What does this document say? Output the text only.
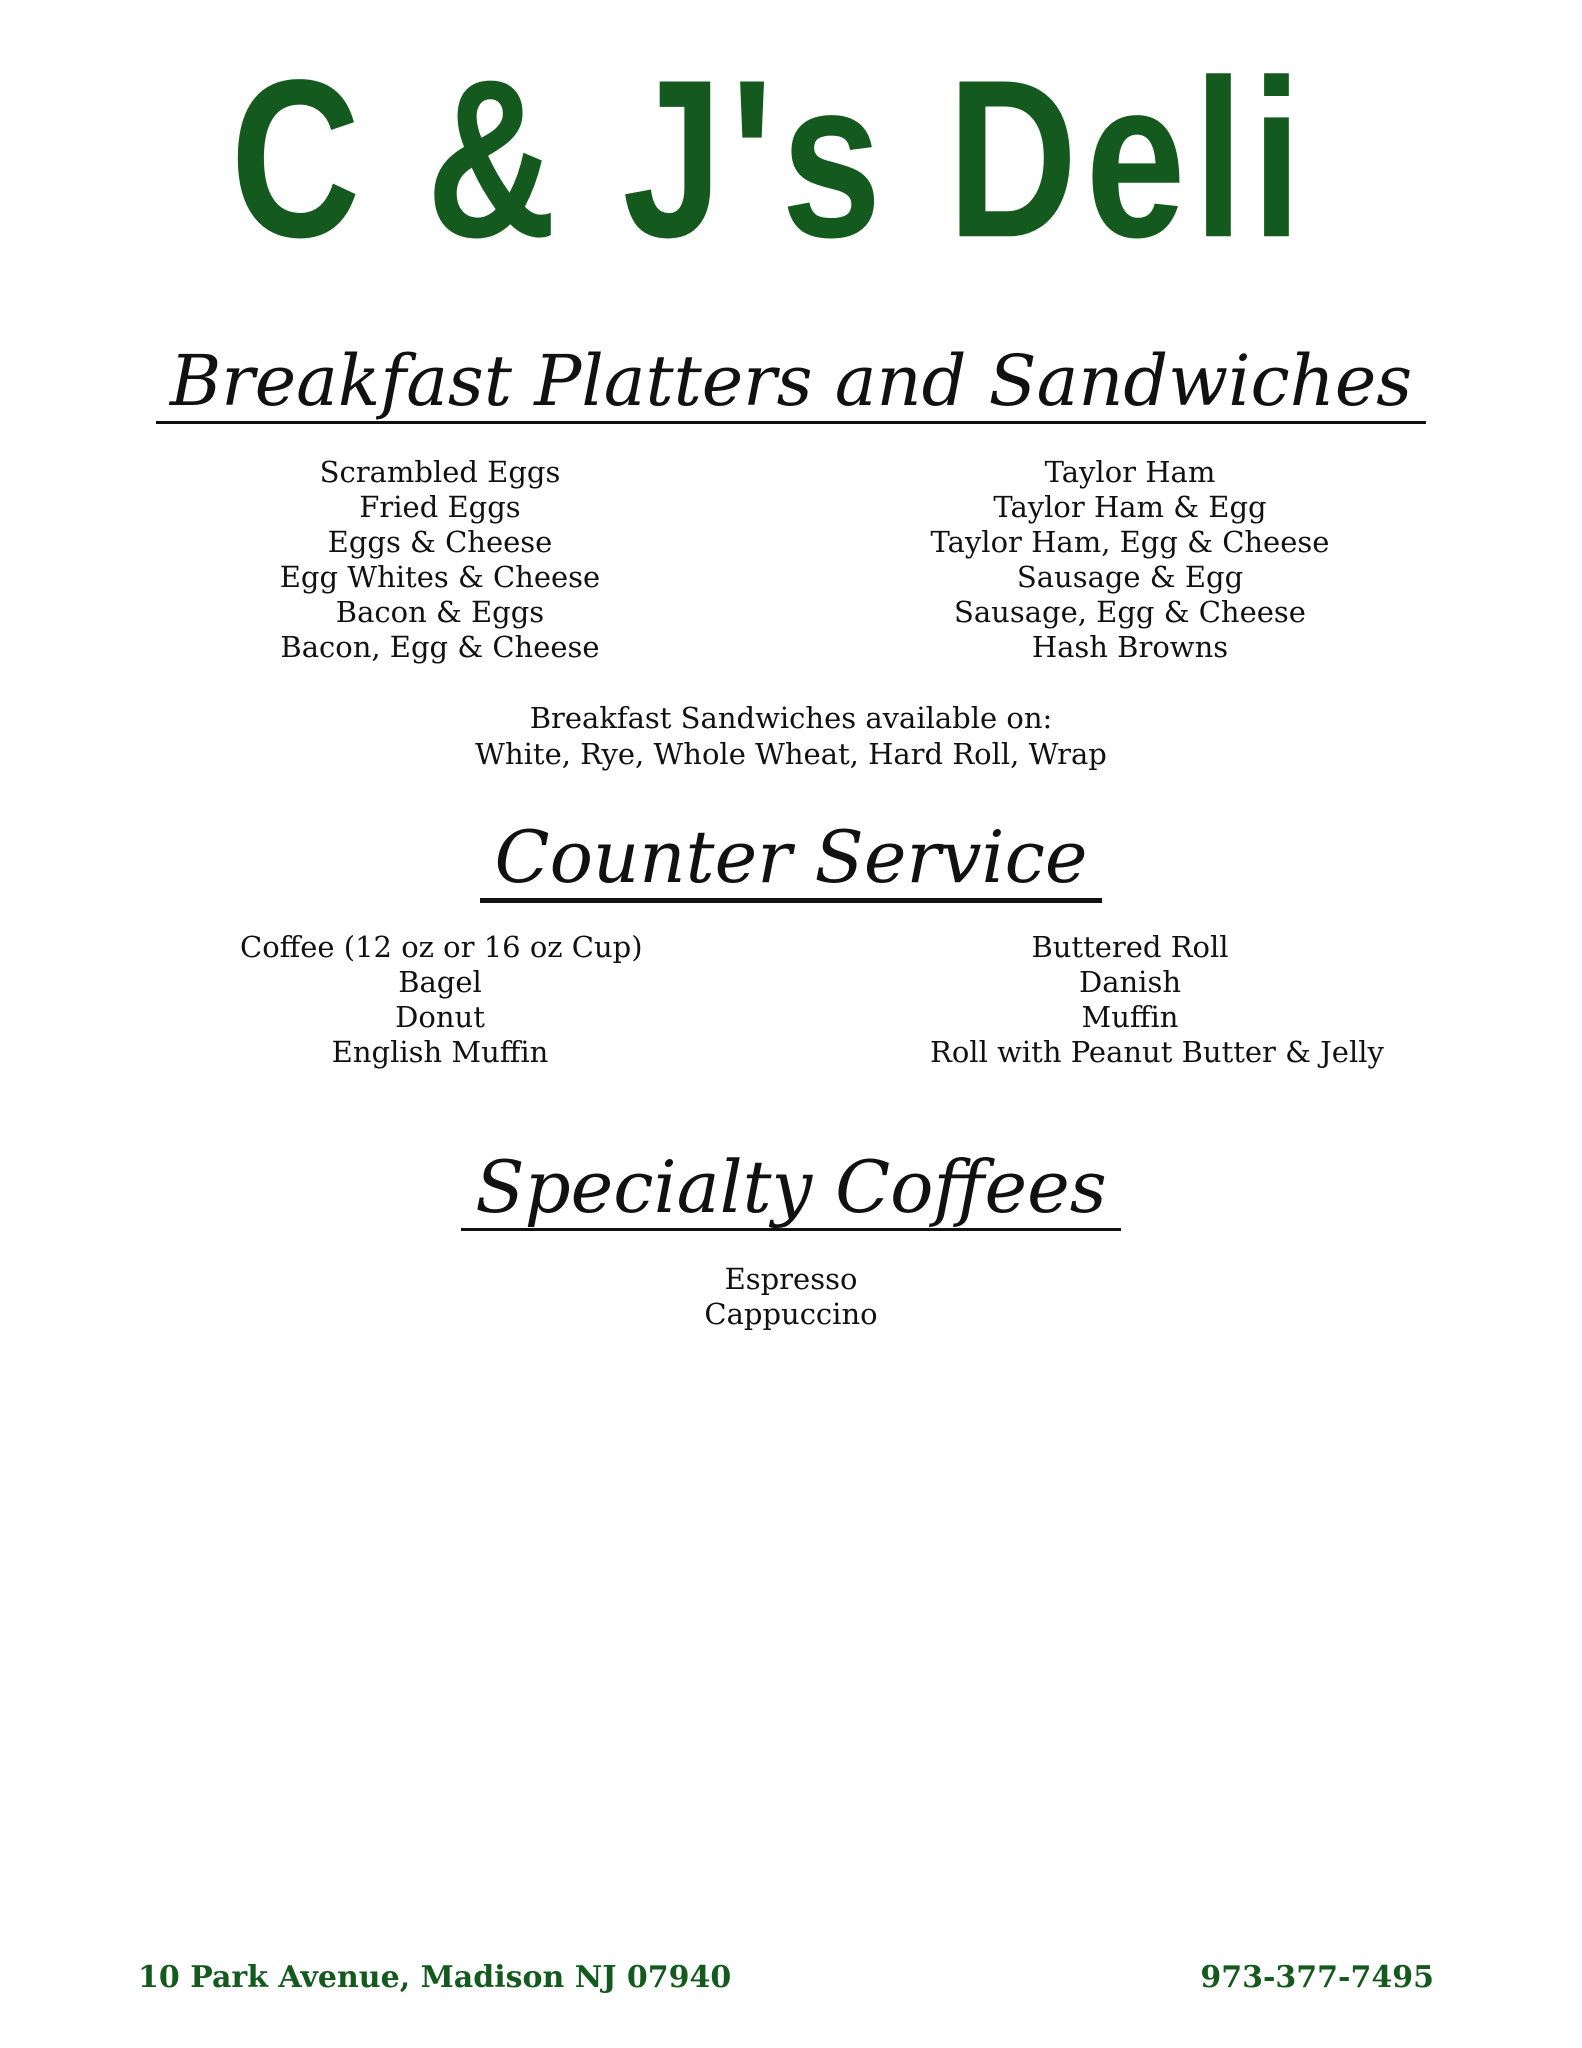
C & J's Deli
Breakfast Platters and Sandwiches
Scrambled Eggs
Fried Eggs
Eggs & Cheese
Egg Whites & Cheese
Bacon & Eggs
Bacon, Egg & Cheese
Taylor Ham
Taylor Ham & Egg
Taylor Ham, Egg & Cheese
Sausage & Egg
Sausage, Egg & Cheese
Hash Browns
Breakfast Sandwiches available on:
White, Rye, Whole Wheat, Hard Roll, Wrap
Counter Service
Coffee (12 oz or 16 oz Cup)
Bagel
Donut
English Muffin
Buttered Roll
Danish
Muffin
Roll with Peanut Butter & Jelly
Specialty Coffees
Espresso
Cappuccino

10 Park Avenue, Madison NJ 07940	973-377-7495
